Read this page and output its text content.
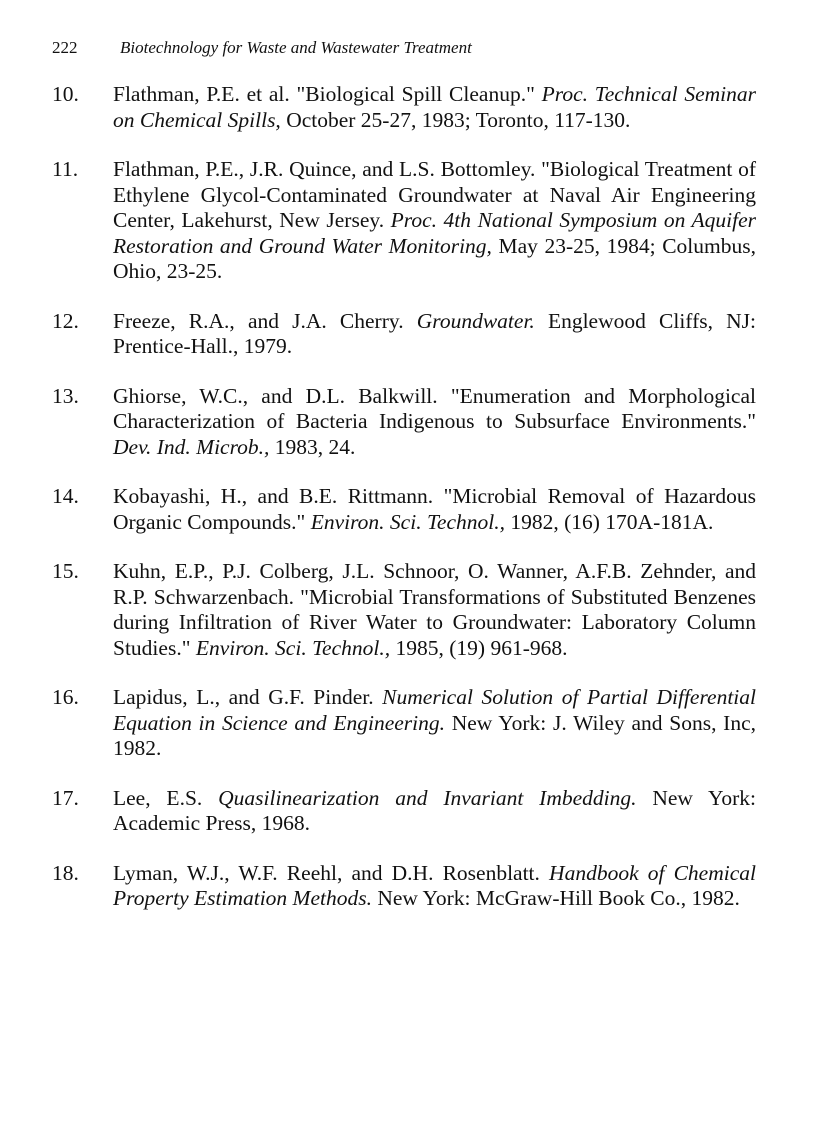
222	Biotechnology for Waste and Wastewater Treatment
10. Flathman, P.E. et al. "Biological Spill Cleanup." Proc. Technical Seminar on Chemical Spills, October 25-27, 1983; Toronto, 117-130.
11. Flathman, P.E., J.R. Quince, and L.S. Bottomley. "Biological Treatment of Ethylene Glycol-Contaminated Groundwater at Naval Air Engineering Center, Lakehurst, New Jersey. Proc. 4th National Symposium on Aquifer Restoration and Ground Water Monitoring, May 23-25, 1984; Columbus, Ohio, 23-25.
12. Freeze, R.A., and J.A. Cherry. Groundwater. Englewood Cliffs, NJ: Prentice-Hall., 1979.
13. Ghiorse, W.C., and D.L. Balkwill. "Enumeration and Morphological Characterization of Bacteria Indigenous to Subsurface Environments." Dev. Ind. Microb., 1983, 24.
14. Kobayashi, H., and B.E. Rittmann. "Microbial Removal of Hazardous Organic Compounds." Environ. Sci. Technol., 1982, (16) 170A-181A.
15. Kuhn, E.P., P.J. Colberg, J.L. Schnoor, O. Wanner, A.F.B. Zehnder, and R.P. Schwarzenbach. "Microbial Transformations of Substituted Benzenes during Infiltration of River Water to Groundwater: Laboratory Column Studies." Environ. Sci. Technol., 1985, (19) 961-968.
16. Lapidus, L., and G.F. Pinder. Numerical Solution of Partial Differential Equation in Science and Engineering. New York: J. Wiley and Sons, Inc, 1982.
17. Lee, E.S. Quasilinearization and Invariant Imbedding. New York: Academic Press, 1968.
18. Lyman, W.J., W.F. Reehl, and D.H. Rosenblatt. Handbook of Chemical Property Estimation Methods. New York: McGraw-Hill Book Co., 1982.
